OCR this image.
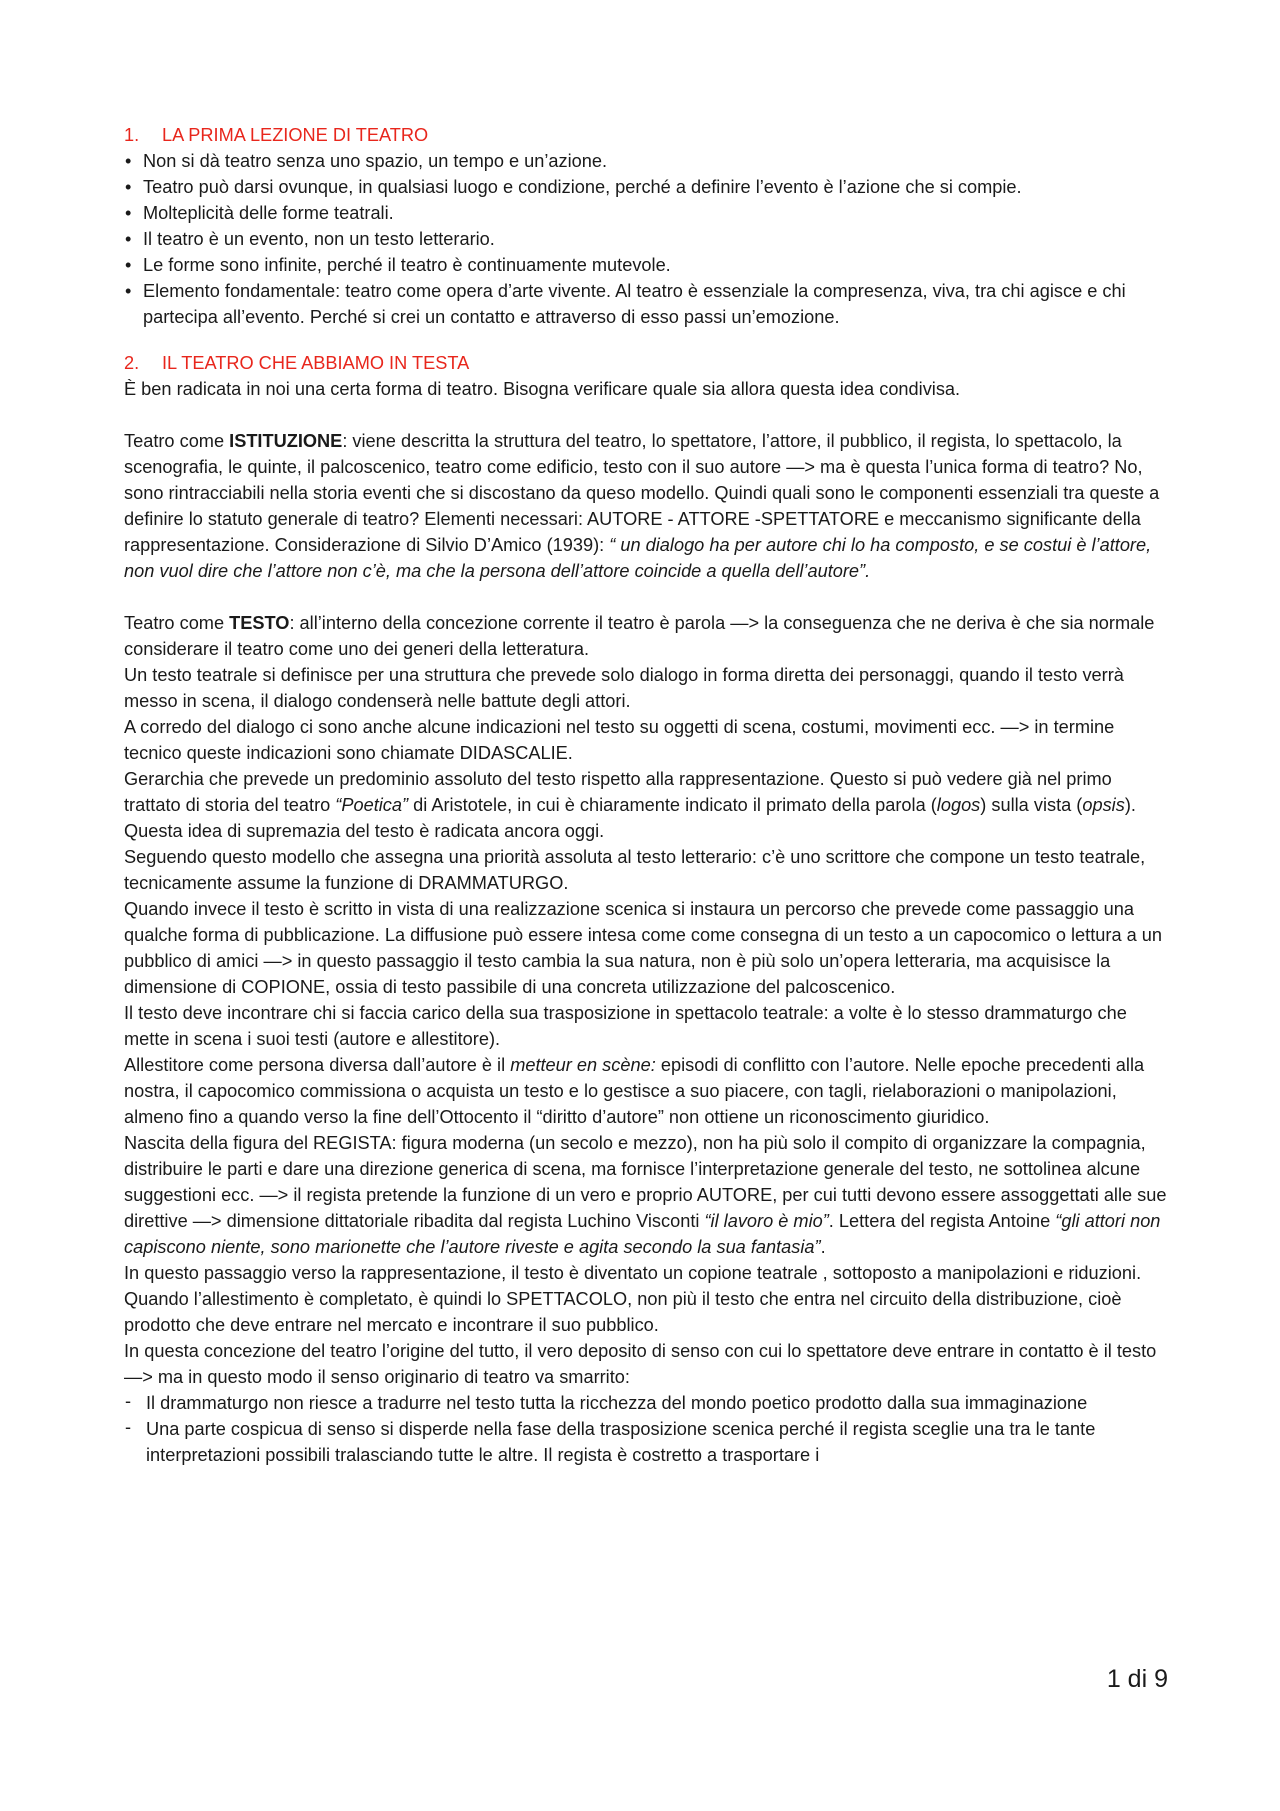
1. LA PRIMA LEZIONE DI TEATRO
• Non si dà teatro senza uno spazio, un tempo e un’azione.
• Teatro può darsi ovunque, in qualsiasi luogo e condizione, perché a definire l’evento è l’azione che si compie.
• Molteplicità delle forme teatrali.
• Il teatro è un evento, non un testo letterario.
• Le forme sono infinite, perché il teatro è continuamente mutevole.
• Elemento fondamentale: teatro come opera d’arte vivente. Al teatro è essenziale la compresenza, viva, tra chi agisce e chi partecipa all’evento. Perché si crei un contatto e attraverso di esso passi un’emozione.
2. IL TEATRO CHE ABBIAMO IN TESTA

È ben radicata in noi una certa forma di teatro. Bisogna verificare quale sia allora questa idea condivisa.

Teatro come ISTITUZIONE: viene descritta la struttura del teatro, lo spettatore, l’attore, il pubblico, il regista, lo spettacolo, la scenografia, le quinte, il palcoscenico, teatro come edificio, testo con il suo autore —> ma è questa l’unica forma di teatro? No, sono rintracciabili nella storia eventi che si discostano da queso modello. Quindi quali sono le componenti essenziali tra queste a definire lo statuto generale di teatro? Elementi necessari: AUTORE - ATTORE -SPETTATORE e meccanismo significante della rappresentazione. Considerazione di Silvio D’Amico (1939): “ un dialogo ha per autore chi lo ha composto, e se costui è l’attore, non vuol dire che l’attore non c’è, ma che la persona dell’attore coincide a quella dell’autore”.

Teatro come TESTO: all’interno della concezione corrente il teatro è parola —> la conseguenza che ne deriva è che sia normale considerare il teatro come uno dei generi della letteratura.

Un testo teatrale si definisce per una struttura che prevede solo dialogo in forma diretta dei personaggi, quando il testo verrà messo in scena, il dialogo condenserà nelle battute degli attori.

A corredo del dialogo ci sono anche alcune indicazioni nel testo su oggetti di scena, costumi, movimenti ecc. —> in termine tecnico queste indicazioni sono chiamate DIDASCALIE.

Gerarchia che prevede un predominio assoluto del testo rispetto alla rappresentazione. Questo si può vedere già nel primo trattato di storia del teatro “Poetica” di Aristotele, in cui è chiaramente indicato il primato della parola (logos) sulla vista (opsis). Questa idea di supremazia del testo è radicata ancora oggi.

Seguendo questo modello che assegna una priorità assoluta al testo letterario: c’è uno scrittore che compone un testo teatrale, tecnicamente assume la funzione di DRAMMATURGO.

Quando invece il testo è scritto in vista di una realizzazione scenica si instaura un percorso che prevede come passaggio una qualche forma di pubblicazione. La diffusione può essere intesa come come consegna di un testo a un capocomico o lettura a un pubblico di amici —> in questo passaggio il testo cambia la sua natura, non è più solo un’opera letteraria, ma acquisisce la dimensione di COPIONE, ossia di testo passibile di una concreta utilizzazione del palcoscenico.

Il testo deve incontrare chi si faccia carico della sua trasposizione in spettacolo teatrale: a volte è lo stesso drammaturgo che mette in scena i suoi testi (autore e allestitore).

Allestitore come persona diversa dall’autore è il metteur en scène: episodi di conflitto con l’autore. Nelle epoche precedenti alla nostra, il capocomico commissiona o acquista un testo e lo gestisce a suo piacere, con tagli, rielaborazioni o manipolazioni, almeno fino a quando verso la fine dell’Ottocento il “diritto d’autore” non ottiene un riconoscimento giuridico.

Nascita della figura del REGISTA: figura moderna (un secolo e mezzo), non ha più solo il compito di organizzare la compagnia, distribuire le parti e dare una direzione generica di scena, ma fornisce l’interpretazione generale del testo, ne sottolinea alcune suggestioni ecc. —> il regista pretende la funzione di un vero e proprio AUTORE, per cui tutti devono essere assoggettati alle sue direttive —> dimensione dittatoriale ribadita dal regista Luchino Visconti “il lavoro è mio”. Lettera del regista Antoine “gli attori non capiscono niente, sono marionette che l’autore riveste e agita secondo la sua fantasia”.

In questo passaggio verso la rappresentazione, il testo è diventato un copione teatrale , sottoposto a manipolazioni e riduzioni. Quando l’allestimento è completato, è quindi lo SPETTACOLO, non più il testo che entra nel circuito della distribuzione, cioè prodotto che deve entrare nel mercato e incontrare il suo pubblico.

In questa concezione del teatro l’origine del tutto, il vero deposito di senso con cui lo spettatore deve entrare in contatto è il testo —> ma in questo modo il senso originario di teatro va smarrito:

- Il drammaturgo non riesce a tradurre nel testo tutta la ricchezza del mondo poetico prodotto dalla sua immaginazione
- Una parte cospicua di senso si disperde nella fase della trasposizione scenica perché il regista sceglie una tra le tante interpretazioni possibili tralasciando tutte le altre. Il regista è costretto a trasportare i
1 di 9
